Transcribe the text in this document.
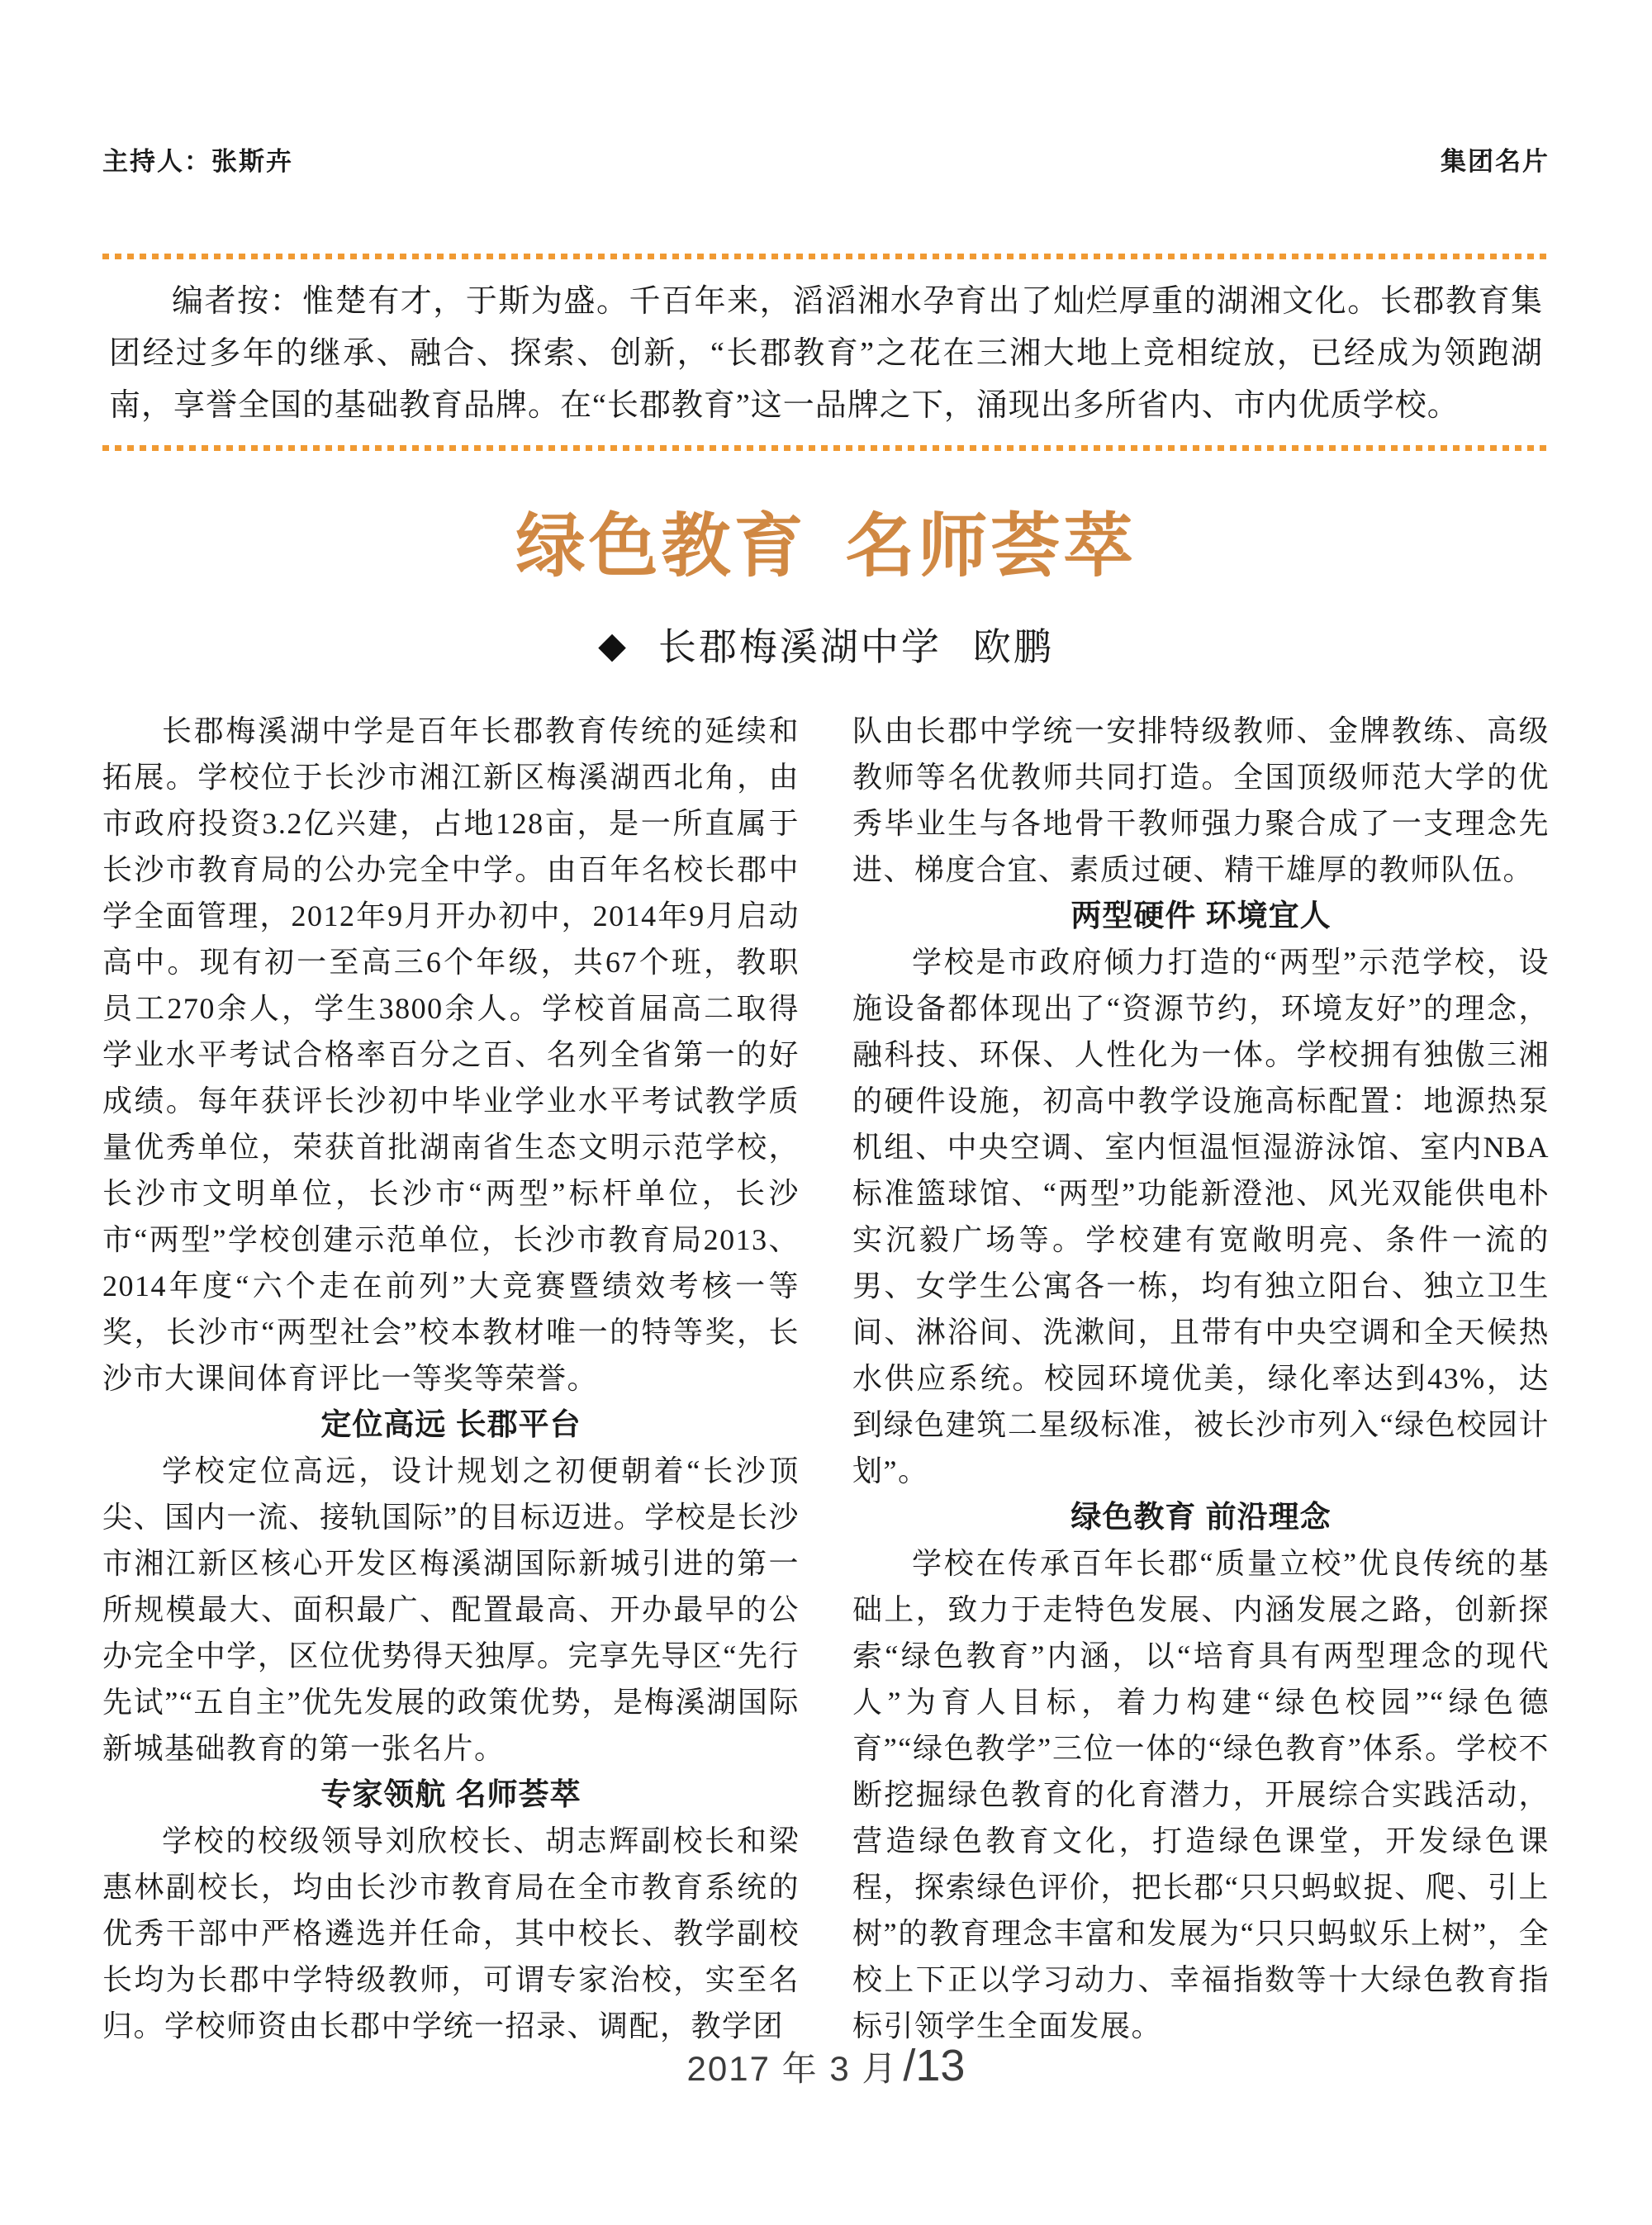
主持人：张斯卉	集团名片

编者按：惟楚有才，于斯为盛。千百年来，滔滔湘水孕育出了灿烂厚重的湖湘文化。长郡教育集团经过多年的继承、融合、探索、创新，“长郡教育”之花在三湘大地上竞相绽放，已经成为领跑湖南，享誉全国的基础教育品牌。在“长郡教育”这一品牌之下，涌现出多所省内、市内优质学校。

绿色教育 名师荟萃
◆ 长郡梅溪湖中学 欧鹏

长郡梅溪湖中学是百年长郡教育传统的延续和拓展。学校位于长沙市湘江新区梅溪湖西北角，由市政府投资3.2亿兴建，占地128亩，是一所直属于长沙市教育局的公办完全中学。由百年名校长郡中学全面管理，2012年9月开办初中，2014年9月启动高中。现有初一至高三6个年级，共67个班，教职员工270余人，学生3800余人。学校首届高二取得学业水平考试合格率百分之百、名列全省第一的好成绩。每年获评长沙初中毕业学业水平考试教学质量优秀单位，荣获首批湖南省生态文明示范学校，长沙市文明单位，长沙市“两型”标杆单位，长沙市“两型”学校创建示范单位，长沙市教育局2013、2014年度“六个走在前列”大竞赛暨绩效考核一等奖，长沙市“两型社会”校本教材唯一的特等奖，长沙市大课间体育评比一等奖等荣誉。

定位高远 长郡平台

学校定位高远，设计规划之初便朝着“长沙顶尖、国内一流、接轨国际”的目标迈进。学校是长沙市湘江新区核心开发区梅溪湖国际新城引进的第一所规模最大、面积最广、配置最高、开办最早的公办完全中学，区位优势得天独厚。完享先导区“先行先试”“五自主”优先发展的政策优势，是梅溪湖国际新城基础教育的第一张名片。

专家领航 名师荟萃

学校的校级领导刘欣校长、胡志辉副校长和梁惠林副校长，均由长沙市教育局在全市教育系统的优秀干部中严格遴选并任命，其中校长、教学副校长均为长郡中学特级教师，可谓专家治校，实至名归。学校师资由长郡中学统一招录、调配，教学团

队由长郡中学统一安排特级教师、金牌教练、高级教师等名优教师共同打造。全国顶级师范大学的优秀毕业生与各地骨干教师强力聚合成了一支理念先进、梯度合宜、素质过硬、精干雄厚的教师队伍。

两型硬件 环境宜人

学校是市政府倾力打造的“两型”示范学校，设施设备都体现出了“资源节约，环境友好”的理念，融科技、环保、人性化为一体。学校拥有独傲三湘的硬件设施，初高中教学设施高标配置：地源热泵机组、中央空调、室内恒温恒湿游泳馆、室内NBA标准篮球馆、“两型”功能新澄池、风光双能供电朴实沉毅广场等。学校建有宽敞明亮、条件一流的男、女学生公寓各一栋，均有独立阳台、独立卫生间、淋浴间、洗漱间，且带有中央空调和全天候热水供应系统。校园环境优美，绿化率达到43%，达到绿色建筑二星级标准，被长沙市列入“绿色校园计划”。

绿色教育 前沿理念

学校在传承百年长郡“质量立校”优良传统的基础上，致力于走特色发展、内涵发展之路，创新探索“绿色教育”内涵，以“培育具有两型理念的现代人”为育人目标，着力构建“绿色校园”“绿色德育”“绿色教学”三位一体的“绿色教育”体系。学校不断挖掘绿色教育的化育潜力，开展综合实践活动，营造绿色教育文化，打造绿色课堂，开发绿色课程，探索绿色评价，把长郡“只只蚂蚁捉、爬、引上树”的教育理念丰富和发展为“只只蚂蚁乐上树”，全校上下正以学习动力、幸福指数等十大绿色教育指标引领学生全面发展。

2017 年 3 月 /13
